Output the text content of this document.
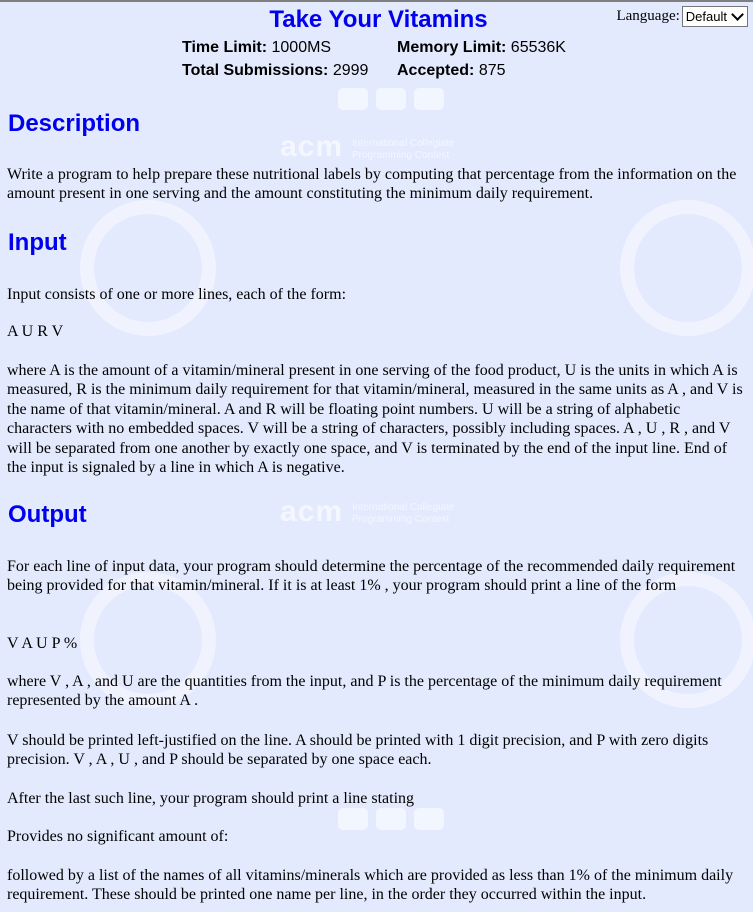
acm International Collegiate Programming Contest
acm International Collegiate Programming Contest
Language: Default
Take Your Vitamins
Time Limit: 1000MS	Memory Limit: 65536K
Total Submissions: 2999 Accepted: 875
Description

Write a program to help prepare these nutritional labels by computing that percentage from the information on the amount present in one serving and the amount constituting the minimum daily requirement.

Input

Input consists of one or more lines, each of the form:

A U R V

where A is the amount of a vitamin/mineral present in one serving of the food product, U is the units in which A is measured, R is the minimum daily requirement for that vitamin/mineral, measured in the same units as A , and V is the name of that vitamin/mineral. A and R will be floating point numbers. U will be a string of alphabetic characters with no embedded spaces. V will be a string of characters, possibly including spaces. A , U , R , and V will be separated from one another by exactly one space, and V is terminated by the end of the input line. End of the input is signaled by a line in which A is negative.

Output

For each line of input data, your program should determine the percentage of the recommended daily requirement being provided for that vitamin/mineral. If it is at least 1% , your program should print a line of the form

V A U P %

where V , A , and U are the quantities from the input, and P is the percentage of the minimum daily requirement represented by the amount A .

V should be printed left-justified on the line. A should be printed with 1 digit precision, and P with zero digits precision. V , A , U , and P should be separated by one space each.

After the last such line, your program should print a line stating

Provides no significant amount of:

followed by a list of the names of all vitamins/minerals which are provided as less than 1% of the minimum daily requirement. These should be printed one name per line, in the order they occurred within the input.
